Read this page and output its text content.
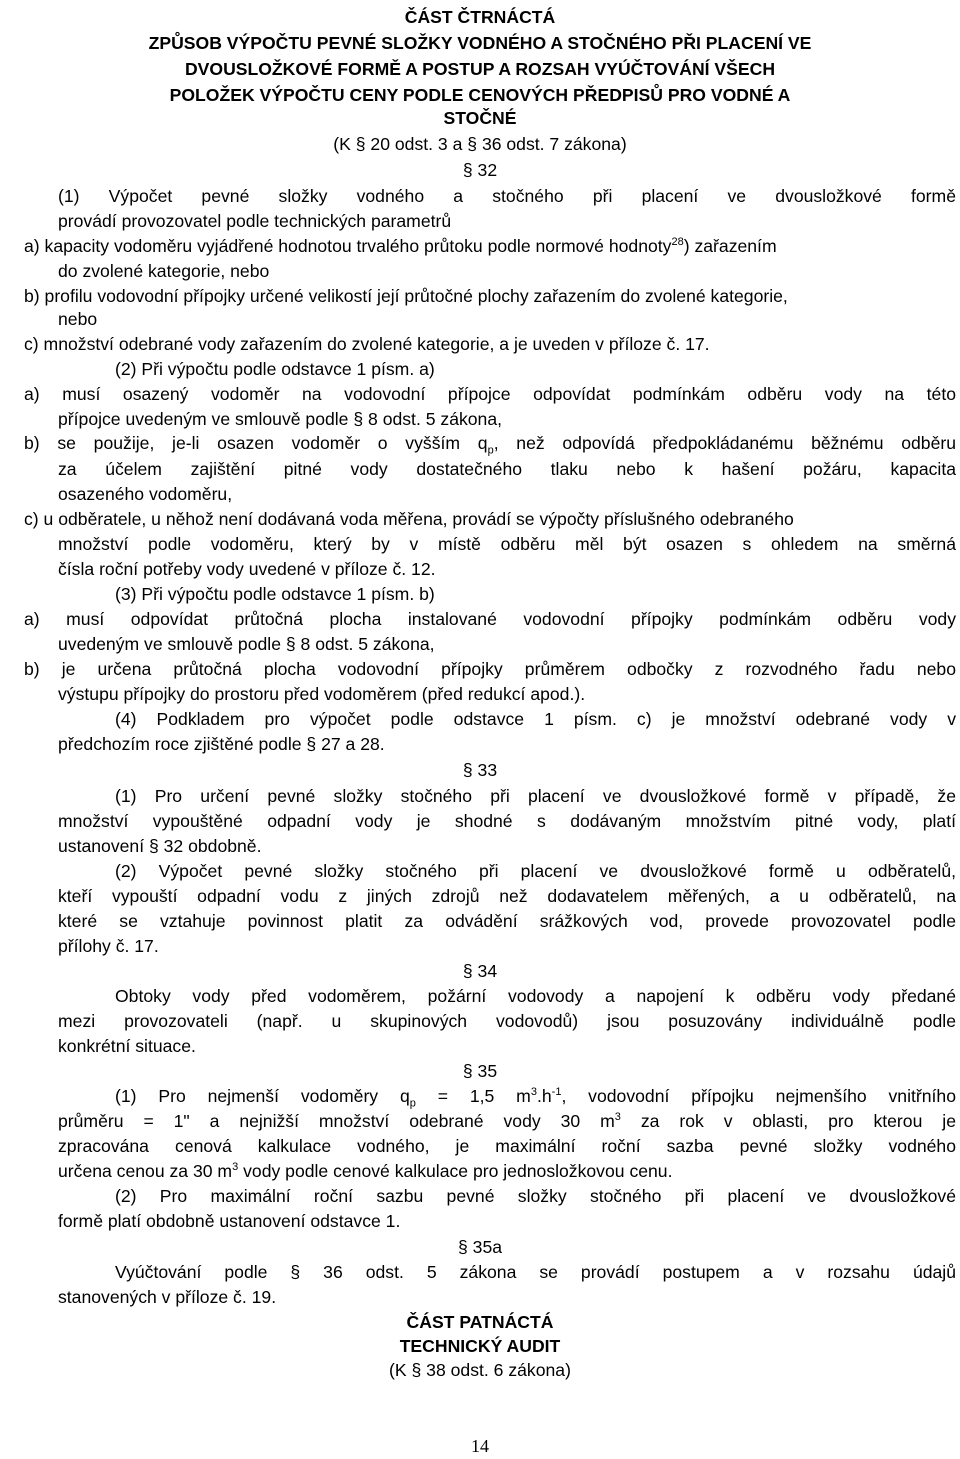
ČÁST ČTRNÁCTÁ
ZPŮSOB VÝPOČTU PEVNÉ SLOŽKY VODNÉHO A STOČNÉHO PŘI PLACENÍ VE
DVOUSLOŽKOVÉ FORMĚ A POSTUP A ROZSAH VYÚČTOVÁNÍ VŠECH
POLOŽEK VÝPOČTU CENY PODLE CENOVÝCH PŘEDPISŮ PRO VODNÉ A
STOČNÉ
(K § 20 odst. 3 a § 36 odst. 7 zákona)
§ 32
(1) Výpočet pevné složky vodného a stočného při placení ve dvousložkové formě
provádí provozovatel podle technických parametrů
a) kapacity vodoměru vyjádřené hodnotou trvalého průtoku podle normové hodnoty$^{28}$) zařazením
do zvolené kategorie, nebo
b) profilu vodovodní přípojky určené velikostí její průtočné plochy zařazením do zvolené kategorie,
nebo
c) množství odebrané vody zařazením do zvolené kategorie, a je uveden v příloze č. 17.
(2) Při výpočtu podle odstavce 1 písm. a)
a) musí osazený vodoměr na vodovodní přípojce odpovídat podmínkám odběru vody na této
přípojce uvedeným ve smlouvě podle § 8 odst. 5 zákona,
b) se použije, je-li osazen vodoměr o vyšším $q_p$, než odpovídá předpokládanému běžnému odběru
za účelem zajištění pitné vody dostatečného tlaku nebo k hašení požáru, kapacita
osazeného vodoměru,
c) u odběratele, u něhož není dodávaná voda měřena, provádí se výpočty příslušného odebraného
množství podle vodoměru, který by v místě odběru měl být osazen s ohledem na směrná
čísla roční potřeby vody uvedené v příloze č. 12.
(3) Při výpočtu podle odstavce 1 písm. b)
a) musí odpovídat průtočná plocha instalované vodovodní přípojky podmínkám odběru vody
uvedeným ve smlouvě podle § 8 odst. 5 zákona,
b) je určena průtočná plocha vodovodní přípojky průměrem odbočky z rozvodného řadu nebo
výstupu přípojky do prostoru před vodoměrem (před redukcí apod.).
(4) Podkladem pro výpočet podle odstavce 1 písm. c) je množství odebrané vody v
předchozím roce zjištěné podle § 27 a 28.
§ 33
(1) Pro určení pevné složky stočného při placení ve dvousložkové formě v případě, že
množství vypouštěné odpadní vody je shodné s dodávaným množstvím pitné vody, platí
ustanovení § 32 obdobně.
(2) Výpočet pevné složky stočného při placení ve dvousložkové formě u odběratelů,
kteří vypouští odpadní vodu z jiných zdrojů než dodavatelem měřených, a u odběratelů, na
které se vztahuje povinnost platit za odvádění srážkových vod, provede provozovatel podle
přílohy č. 17.
§ 34
Obtoky vody před vodoměrem, požární vodovody a napojení k odběru vody předané
mezi provozovateli (např. u skupinových vodovodů) jsou posuzovány individuálně podle
konkrétní situace.
§ 35
(1) Pro nejmenší vodoměry $q_p = 1,5$ $m^3.h^{-1}$, vodovodní přípojku nejmenšího vnitřního
průměru = 1" a nejnižší množství odebrané vody 30 $m^3$ za rok v oblasti, pro kterou je
zpracována cenová kalkulace vodného, je maximální roční sazba pevné složky vodného
určena cenou za 30 $m^3$ vody podle cenové kalkulace pro jednosložkovou cenu.
(2) Pro maximální roční sazbu pevné složky stočného při placení ve dvousložkové
formě platí obdobně ustanovení odstavce 1.
§ 35a
Vyúčtování podle § 36 odst. 5 zákona se provádí postupem a v rozsahu údajů
stanovených v příloze č. 19.
ČÁST PATNÁCTÁ
TECHNICKÝ AUDIT
(K § 38 odst. 6 zákona)
14
